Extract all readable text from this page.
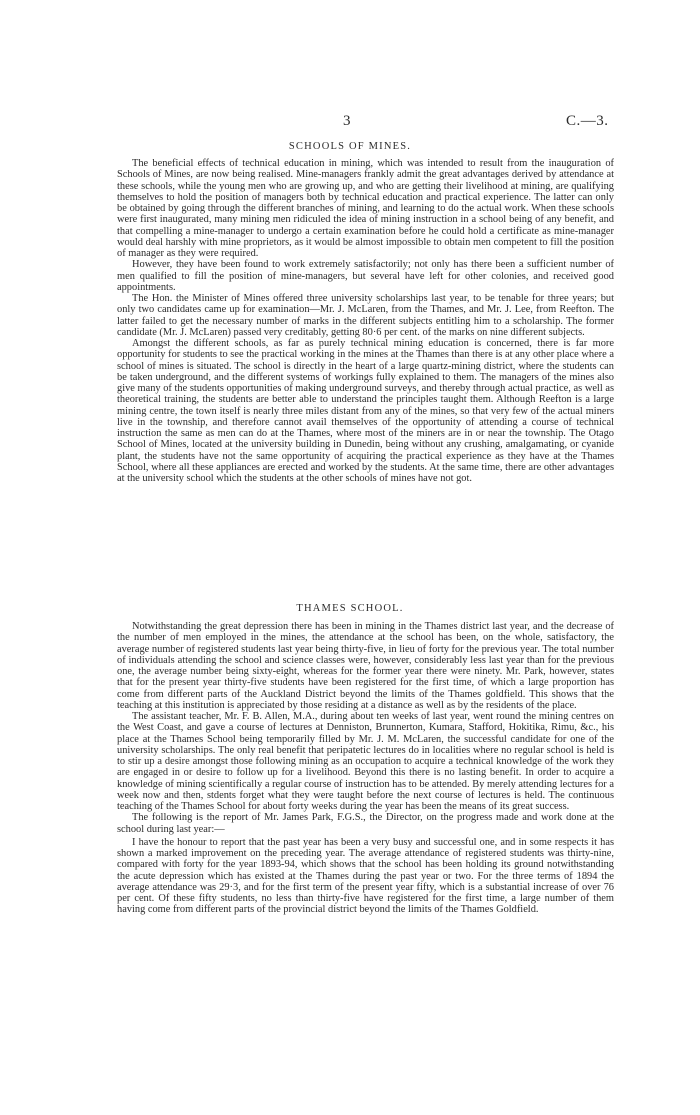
3	C.—3.
SCHOOLS OF MINES.

The beneficial effects of technical education in mining, which was intended to result from the inauguration of Schools of Mines, are now being realised. Mine-managers frankly admit the great advantages derived by attendance at these schools, while the young men who are growing up, and who are getting their livelihood at mining, are qualifying themselves to hold the position of managers both by technical education and practical experience. The latter can only be obtained by going through the different branches of mining, and learning to do the actual work. When these schools were first inaugurated, many mining men ridiculed the idea of mining instruction in a school being of any benefit, and that compelling a mine-manager to undergo a certain examination before he could hold a certificate as mine-manager would deal harshly with mine proprietors, as it would be almost impossible to obtain men competent to fill the position of manager as they were required.

However, they have been found to work extremely satisfactorily; not only has there been a sufficient number of men qualified to fill the position of mine-managers, but several have left for other colonies, and received good appointments.

The Hon. the Minister of Mines offered three university scholarships last year, to be tenable for three years; but only two candidates came up for examination—Mr. J. McLaren, from the Thames, and Mr. J. Lee, from Reefton. The latter failed to get the necessary number of marks in the different subjects entitling him to a scholarship. The former candidate (Mr. J. McLaren) passed very creditably, getting 80·6 per cent. of the marks on nine different subjects.

Amongst the different schools, as far as purely technical mining education is concerned, there is far more opportunity for students to see the practical working in the mines at the Thames than there is at any other place where a school of mines is situated. The school is directly in the heart of a large quartz-mining district, where the students can be taken underground, and the different systems of workings fully explained to them. The managers of the mines also give many of the students opportunities of making underground surveys, and thereby through actual practice, as well as theoretical training, the students are better able to understand the principles taught them. Although Reefton is a large mining centre, the town itself is nearly three miles distant from any of the mines, so that very few of the actual miners live in the township, and therefore cannot avail themselves of the opportunity of attending a course of technical instruction the same as men can do at the Thames, where most of the miners are in or near the township. The Otago School of Mines, located at the university building in Dunedin, being without any crushing, amalgamating, or cyanide plant, the students have not the same opportunity of acquiring the practical experience as they have at the Thames School, where all these appliances are erected and worked by the students. At the same time, there are other advantages at the university school which the students at the other schools of mines have not got.

THAMES SCHOOL.

Notwithstanding the great depression there has been in mining in the Thames district last year, and the decrease of the number of men employed in the mines, the attendance at the school has been, on the whole, satisfactory, the average number of registered students last year being thirty-five, in lieu of forty for the previous year. The total number of individuals attending the school and science classes were, however, considerably less last year than for the previous one, the average number being sixty-eight, whereas for the former year there were ninety. Mr. Park, however, states that for the present year thirty-five students have been registered for the first time, of which a large proportion has come from different parts of the Auckland District beyond the limits of the Thames goldfield. This shows that the teaching at this institution is appreciated by those residing at a distance as well as by the residents of the place.

The assistant teacher, Mr. F. B. Allen, M.A., during about ten weeks of last year, went round the mining centres on the West Coast, and gave a course of lectures at Denniston, Brunnerton, Kumara, Stafford, Hokitika, Rimu, &c., his place at the Thames School being temporarily filled by Mr. J. M. McLaren, the successful candidate for one of the university scholarships. The only real benefit that peripatetic lectures do in localities where no regular school is held is to stir up a desire amongst those following mining as an occupation to acquire a technical knowledge of the work they are engaged in or desire to follow up for a livelihood. Beyond this there is no lasting benefit. In order to acquire a knowledge of mining scientifically a regular course of instruction has to be attended. By merely attending lectures for a week now and then, stdents forget what they were taught before the next course of lectures is held. The continuous teaching of the Thames School for about forty weeks during the year has been the means of its great success.

The following is the report of Mr. James Park, F.G.S., the Director, on the progress made and work done at the school during last year:—

I have the honour to report that the past year has been a very busy and successful one, and in some respects it has shown a marked improvement on the preceding year. The average attendance of registered students was thirty-nine, compared with forty for the year 1893-94, which shows that the school has been holding its ground notwithstanding the acute depression which has existed at the Thames during the past year or two. For the three terms of 1894 the average attendance was 29·3, and for the first term of the present year fifty, which is a substantial increase of over 76 per cent. Of these fifty students, no less than thirty-five have registered for the first time, a large number of them having come from different parts of the provincial district beyond the limits of the Thames Goldfield.
